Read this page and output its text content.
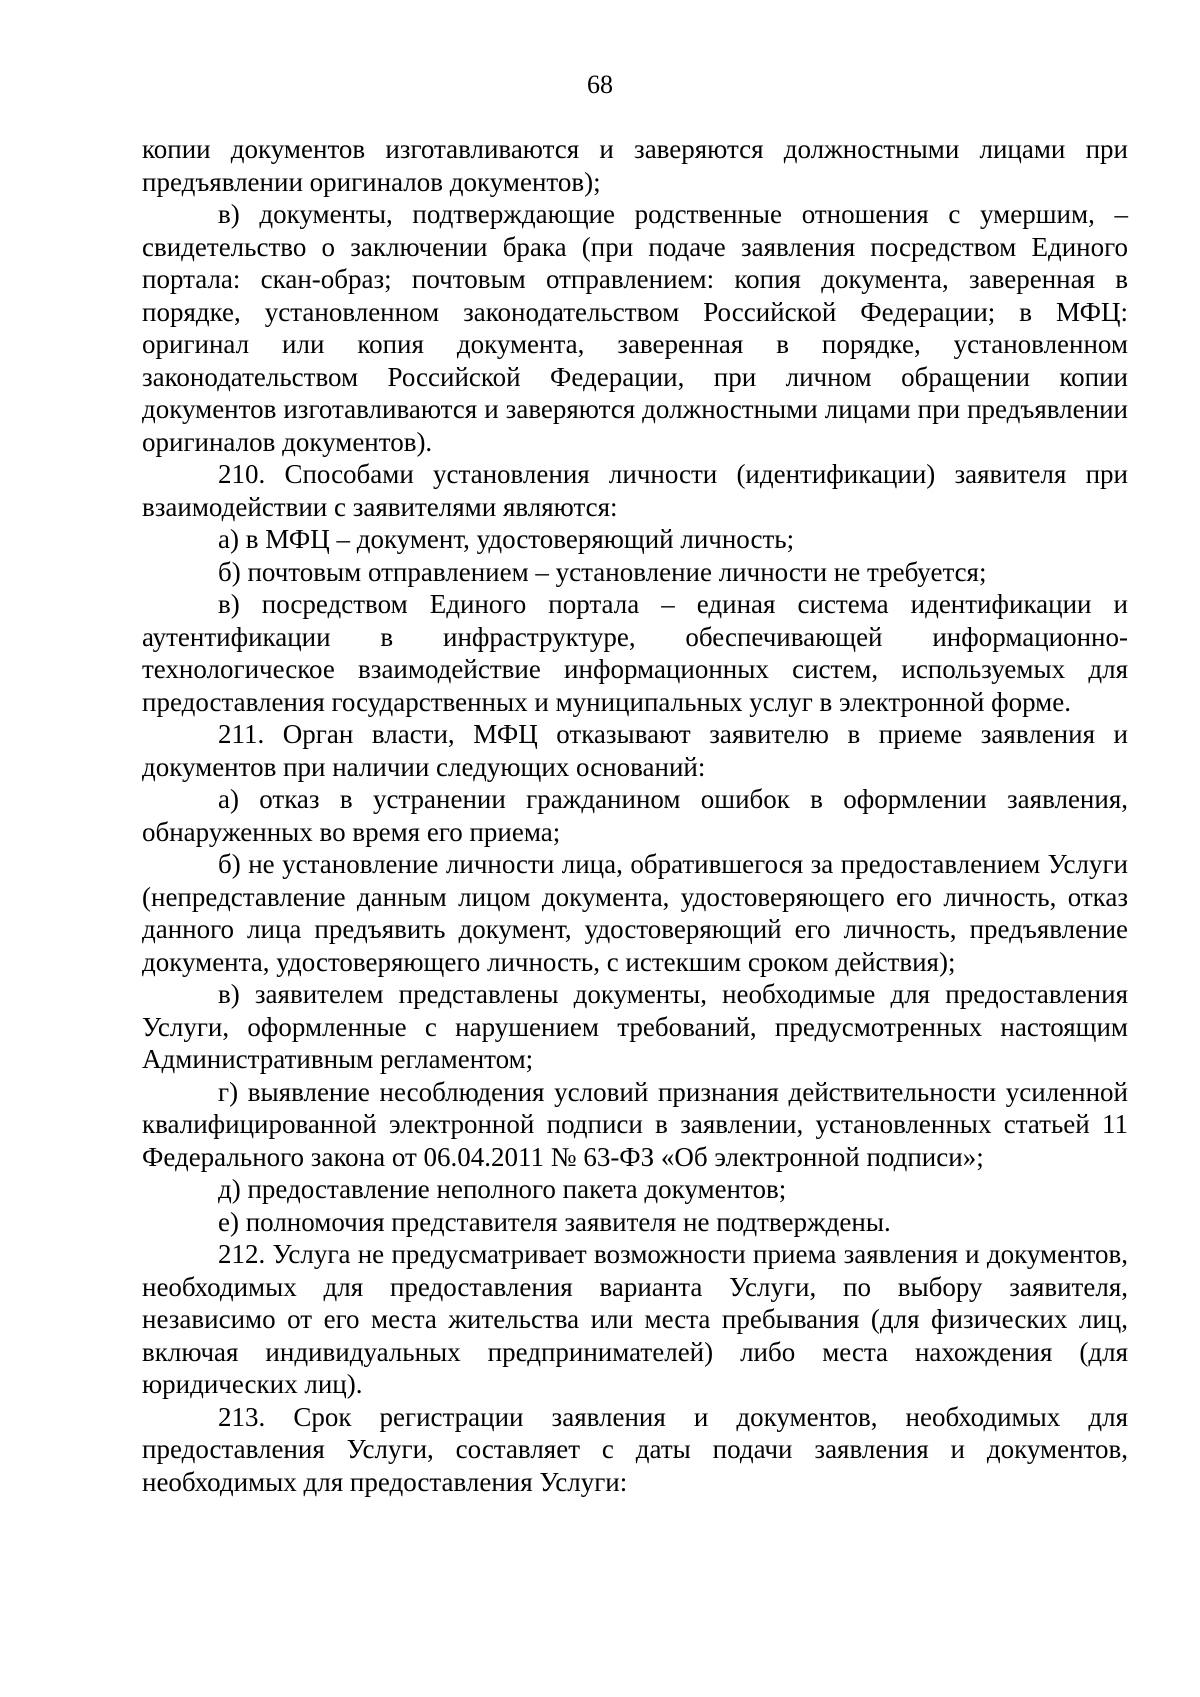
68

копии документов изготавливаются и заверяются должностными лицами при предъявлении оригиналов документов);

в) документы, подтверждающие родственные отношения с умершим, – свидетельство о заключении брака (при подаче заявления посредством Единого портала: скан-образ; почтовым отправлением: копия документа, заверенная в порядке, установленном законодательством Российской Федерации; в МФЦ: оригинал или копия документа, заверенная в порядке, установленном законодательством Российской Федерации, при личном обращении копии документов изготавливаются и заверяются должностными лицами при предъявлении оригиналов документов).

210. Способами установления личности (идентификации) заявителя при взаимодействии с заявителями являются:

а) в МФЦ – документ, удостоверяющий личность;

б) почтовым отправлением – установление личности не требуется;

в) посредством Единого портала – единая система идентификации и аутентификации в инфраструктуре, обеспечивающей информационно-технологическое взаимодействие информационных систем, используемых для предоставления государственных и муниципальных услуг в электронной форме.

211. Орган власти, МФЦ отказывают заявителю в приеме заявления и документов при наличии следующих оснований:

а) отказ в устранении гражданином ошибок в оформлении заявления, обнаруженных во время его приема;

б) не установление личности лица, обратившегося за предоставлением Услуги (непредставление данным лицом документа, удостоверяющего его личность, отказ данного лица предъявить документ, удостоверяющий его личность, предъявление документа, удостоверяющего личность, с истекшим сроком действия);

в) заявителем представлены документы, необходимые для предоставления Услуги, оформленные с нарушением требований, предусмотренных настоящим Административным регламентом;

г) выявление несоблюдения условий признания действительности усиленной квалифицированной электронной подписи в заявлении, установленных статьей 11 Федерального закона от 06.04.2011 № 63-ФЗ «Об электронной подписи»;

д) предоставление неполного пакета документов;

е) полномочия представителя заявителя не подтверждены.

212. Услуга не предусматривает возможности приема заявления и документов, необходимых для предоставления варианта Услуги, по выбору заявителя, независимо от его места жительства или места пребывания (для физических лиц, включая индивидуальных предпринимателей) либо места нахождения (для юридических лиц).

213. Срок регистрации заявления и документов, необходимых для предоставления Услуги, составляет с даты подачи заявления и документов, необходимых для предоставления Услуги:
